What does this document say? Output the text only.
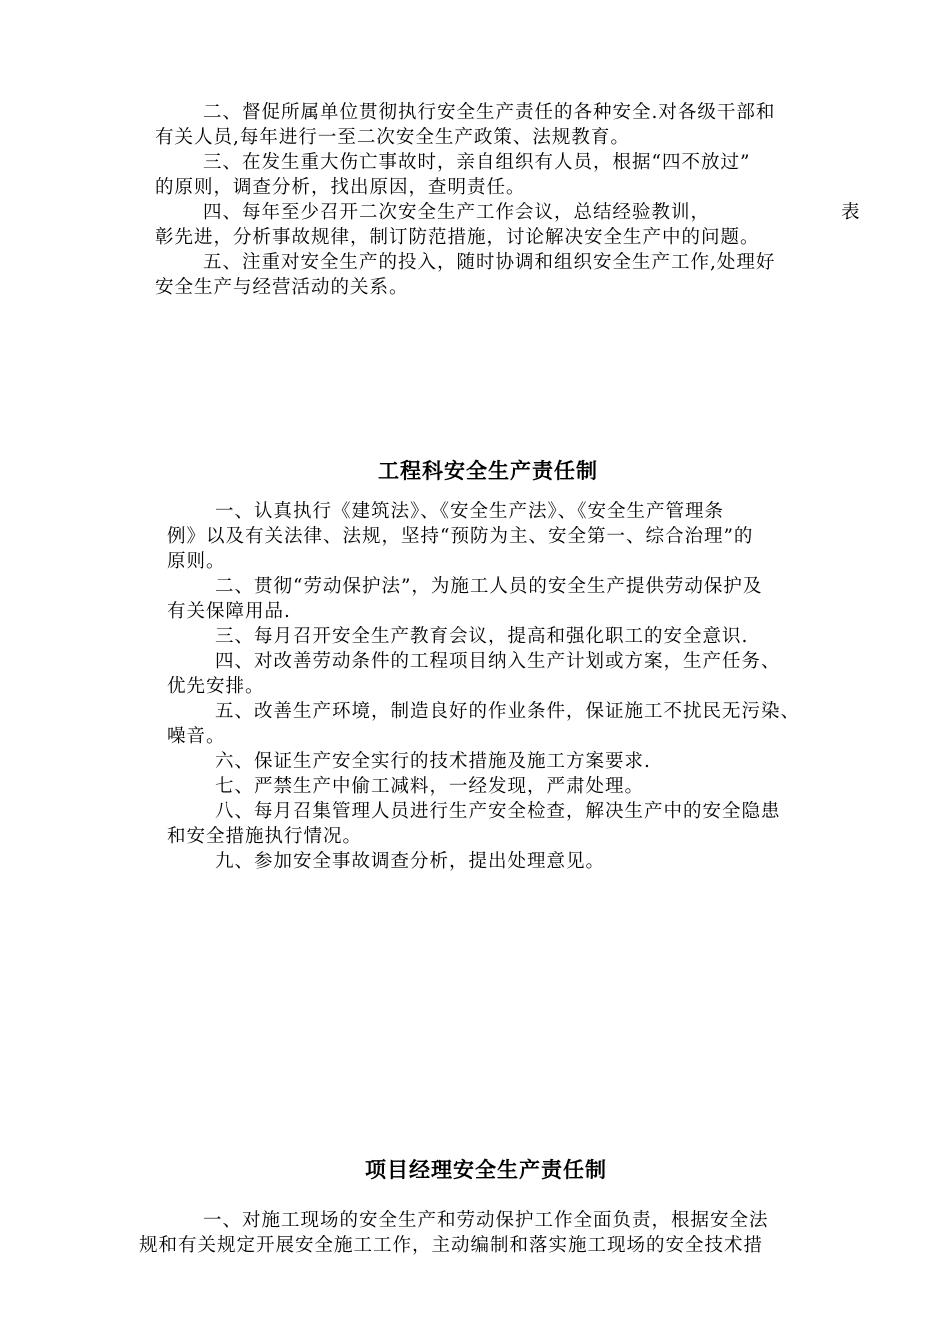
二、督促所属单位贯彻执行安全生产责任的各种安全.对各级干部和
有关人员,每年进行一至二次安全生产政策、法规教育。
三、在发生重大伤亡事故时，亲自组织有人员，根据“四不放过”
的原则，调查分析，找出原因，查明责任。
四、每年至少召开二次安全生产工作会议，总结经验教训，	表
彰先进，分析事故规律，制订防范措施，讨论解决安全生产中的问题。
五、注重对安全生产的投入，随时协调和组织安全生产工作,处理好
安全生产与经营活动的关系。
工程科安全生产责任制
一、认真执行《建筑法》、《安全生产法》、《安全生产管理条
例》以及有关法律、法规，坚持“预防为主、安全第一、综合治理”的
原则。
二、贯彻“劳动保护法”，为施工人员的安全生产提供劳动保护及
有关保障用品.
三、每月召开安全生产教育会议，提高和强化职工的安全意识.
四、对改善劳动条件的工程项目纳入生产计划或方案，生产任务、
优先安排。
五、改善生产环境，制造良好的作业条件，保证施工不扰民无污染、
噪音。
六、保证生产安全实行的技术措施及施工方案要求.
七、严禁生产中偷工减料，一经发现，严肃处理。
八、每月召集管理人员进行生产安全检查，解决生产中的安全隐患
和安全措施执行情况。
九、参加安全事故调查分析，提出处理意见。
项目经理安全生产责任制
一、对施工现场的安全生产和劳动保护工作全面负责，根据安全法
规和有关规定开展安全施工工作，主动编制和落实施工现场的安全技术措
